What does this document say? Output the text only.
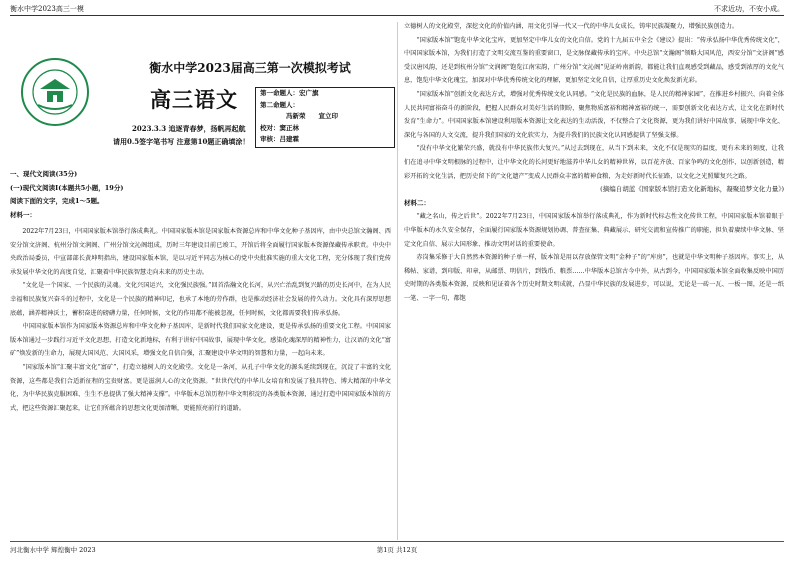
衡水中学2023高三一模	不求近功，不安小成。
衡水中学2023届高三第一次模拟考试
高三语文
2023.3.3 追逐青春梦，扬帆再起航
请用0.5签字笔书写 注意第10题正确填涂！
第一命题人：宏广旗
第二命题人：
冯新荣　　宣立印
校对：窦正林
审核：吕建霖

一、现代文阅读(35分)

(一)现代文阅读Ⅰ(本题共5小题，19分)

阅读下面的文字，完成1～5题。

材料一：

2022年7月23日，中国国家版本馆举行落成典礼。中国国家版本馆是国家版本资源总库和中华文化种子基因库，由中央总馆文瀚阁、西安分馆文济阁、杭州分馆文润阁、广州分馆文沁阁组成，历时三年建设目前已竣工，开馆后将全面履行国家版本资源保藏传承职责。中央中央政治局委员，中宣部部长黄坤明指出，建设国家版本馆，是以习近平同志为核心的党中央批准实施的重大文化工程，充分体现了我们党传承发展中华文化的高度自觉，汇聚着中华民族智慧走向未来的历史主动。

“文化是一个国家、一个民族的灵魂。文化兴国运兴，文化强民族强。”回首浩瀚文化长河，从兴亡治乱到复兴路的历史长河中，在为人民幸福和民族复兴奋斗的过程中，文化是一个民族的精神印记，也承了本地的劳作群，也是推动经济社会发展的持久动力。文化具有深厚思想底蕴，涵养精神沃土，蓄积奋进的磅礴力量，任何时候，文化的作用都不能被忽视，任何时候，文化都需要我们传承弘扬。

中国国家版本馆作为国家版本资源总库和中华文化种子基因库，是新时代我们国家文化建设，更是传承弘扬的重要文化工程。中国国家版本馆通过一步践行习近平文化思想，打造文化新地标，有利于讲好中国故事，展现中华文化，感染化魂深厚的精神性力，让汉语的文化“富矿”焕发新的生命力，展现大国风范、大国风采，增强文化自信自强，汇聚建设中华文明的智慧和力量，一起向未来。

“国家版本馆”汇聚丰富文化“富矿”，打造立德树人的文化殿堂。文化是一条河，从孔子中华文化的源头延续到现在，沉淀了丰富的文化资源，这些都是我们合适新征程的宝贵财富。更是滋润人心的文化资源。“世世代代的中华儿女培育和发展了独具特色、博大精深的中华文化，为中华民族克服困难、生生不息提供了强大精神支撑”。中华版本总馆历程中华文明积淀的各类版本资源，通过打造中国国家版本馆的方式，把这些资源汇聚起来，让它们所蕴含的思想文化更加清晰，更能照亮前行的道路。

立德树人的文化殿堂，深挖文化的价值内涵，用文化引导一代又一代的中华儿女成长，铸牢民族凝聚力，增强民族创造力。

“国家版本馆”饱览中华文化宝库，更加坚定中华儿女的文化自信。党的十九届五中全会《建议》提出：“传承弘扬中华优秀传统文化”，中国国家版本馆，为我们打造了文明交流互鉴的重要窗口，是文脉保藏传承的宝库。中央总馆“文瀚阁”领略大国风范，西安分馆“文济阁”感受汉唐风韵，还是到杭州分馆“文润阁”饱览江南宋韵，广州分馆“文沁阁”见证岭南新韵，都能让我们直观感受到藏品，感受到浓厚的文化气息，饱览中华文化瑰宝，加深对中华优秀传统文化的理解，更加坚定文化自信，让厚重历史文化焕发新光彩。

“国家版本馆”创新文化表达方式，增强对优秀传统文化认同感。“文化是民族的血脉，是人民的精神家园”，在推进乡村振兴、向着全体人民共同富裕奋斗的新阶段，把握人民群众对美好生活的期盼，聚焦物质富裕和精神富裕的统一，需要创新文化表达方式，让文化在新时代发育“生命力”。中国国家版本馆建设利用版本资源让文化表达的生动活泼，不仅整合了文化资源，更为我们讲好中国故事、展现中华文化、深化与各国的人文交流，提升我们国家的文化软实力，为提升我们的民族文化认同感提供了坚强支撑。

“没有中华文化繁荣兴盛，就没有中华民族伟大复兴。”从过去到现在，从当下到未来，文化不仅是现实的温度，更有未来的刻度，让我们在追寻中华文明根脉的过程中，让中华文化的长河更好地滋养中华儿女的精神世界，以百花齐放、百家争鸣的文化创作，以创新创造，精彩开拓的文化生活，把历史留下的“文化遗产”变成人民群众丰富的精神食粮，为走好新时代长征路，以文化之光照耀复兴之路。

(摘编自胡蓝《国家版本馆打造文化新地标，凝聚追梦文化力量》)

材料二：

“藏之名山，传之后世”。2022年7月23日，中国国家版本馆举行落成典礼，作为新时代标志性文化传世工程，中国国家版本馆着眼于中华版本的永久安全保存，全面履行国家版本资源规划协调、普查征集、典藏展示、研究交流和宣传推广的职能，担负着赓续中华文脉、坚定文化自信、展示大国形象、推动文明对话的重要使命。

赤岗集采修于大自然然本资源的种子单一样，版本馆是用以存放保管文明“金种子”的“库房”，也就是中华文明种子基因库。事实上，从稀帖、家谱，到印版、印章，从邮票、明信片，到钱币、粮票……中华版本总馆古今中外，从古到今，中国国家版本馆全面收集反映中国历史时期的各类版本资源，反映和见证着各个历史时期文明成就，凸显中华民族的发展进步，可以说，无论是一砖一瓦、一板一图，还是一纸一笔、一字一句，都饱

河北衡水中学 辉煌衡中 2023	第1页 共12页
